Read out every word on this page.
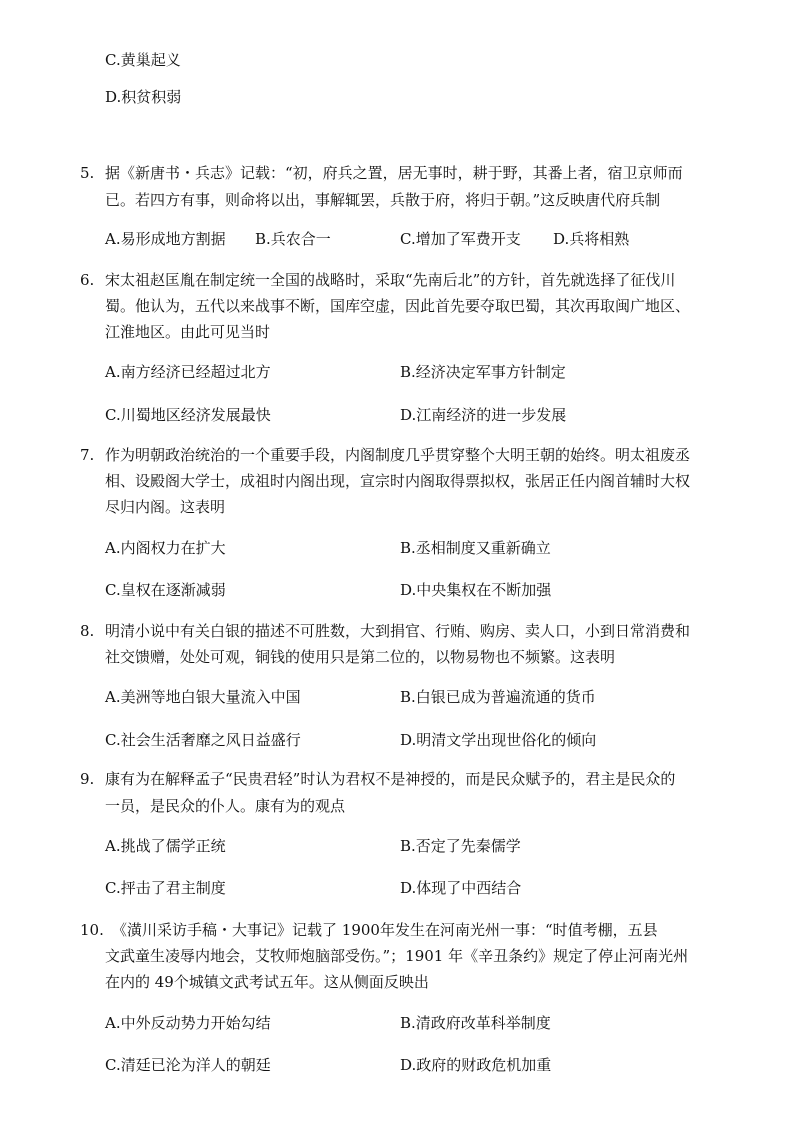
C.黄巢起义
D.积贫积弱
5. 据《新唐书・兵志》记载：“初，府兵之置，居无事时，耕于野，其番上者，宿卫京师而
已。若四方有事，则命将以出，事解辄罢，兵散于府，将归于朝。”这反映唐代府兵制
A.易形成地方割据 B.兵农合一	C.增加了军费开支 D.兵将相熟
6. 宋太祖赵匡胤在制定统一全国的战略时，采取“先南后北”的方针，首先就选择了征伐川
蜀。他认为，五代以来战事不断，国库空虚，因此首先要夺取巴蜀，其次再取闽广地区、
江淮地区。由此可见当时
A.南方经济已经超过北方	B.经济决定军事方针制定
C.川蜀地区经济发展最快	D.江南经济的进一步发展
7. 作为明朝政治统治的一个重要手段，内阁制度几乎贯穿整个大明王朝的始终。明太祖废丞
相、设殿阁大学士，成祖时内阁出现，宣宗时内阁取得票拟权，张居正任内阁首辅时大权
尽归内阁。这表明
A.内阁权力在扩大	B.丞相制度又重新确立
C.皇权在逐渐减弱	D.中央集权在不断加强
8. 明清小说中有关白银的描述不可胜数，大到捐官、行贿、购房、卖人口，小到日常消费和
社交馈赠，处处可观，铜钱的使用只是第二位的，以物易物也不频繁。这表明
A.美洲等地白银大量流入中国	B.白银已成为普遍流通的货币
C.社会生活奢靡之风日益盛行	D.明清文学出现世俗化的倾向
9. 康有为在解释孟子“民贵君轻”时认为君权不是神授的，而是民众赋予的，君主是民众的
一员，是民众的仆人。康有为的观点
A.挑战了儒学正统	B.否定了先秦儒学
C.抨击了君主制度	D.体现了中西结合
10. 《潢川采访手稿・大事记》记载了 1900年发生在河南光州一事：“时值考棚，五县
文武童生凌辱内地会，艾牧师炮脑部受伤。”；1901 年《辛丑条约》规定了停止河南光州
在内的 49个城镇文武考试五年。这从侧面反映出
A.中外反动势力开始勾结	B.清政府改革科举制度
C.清廷已沦为洋人的朝廷	D.政府的财政危机加重
